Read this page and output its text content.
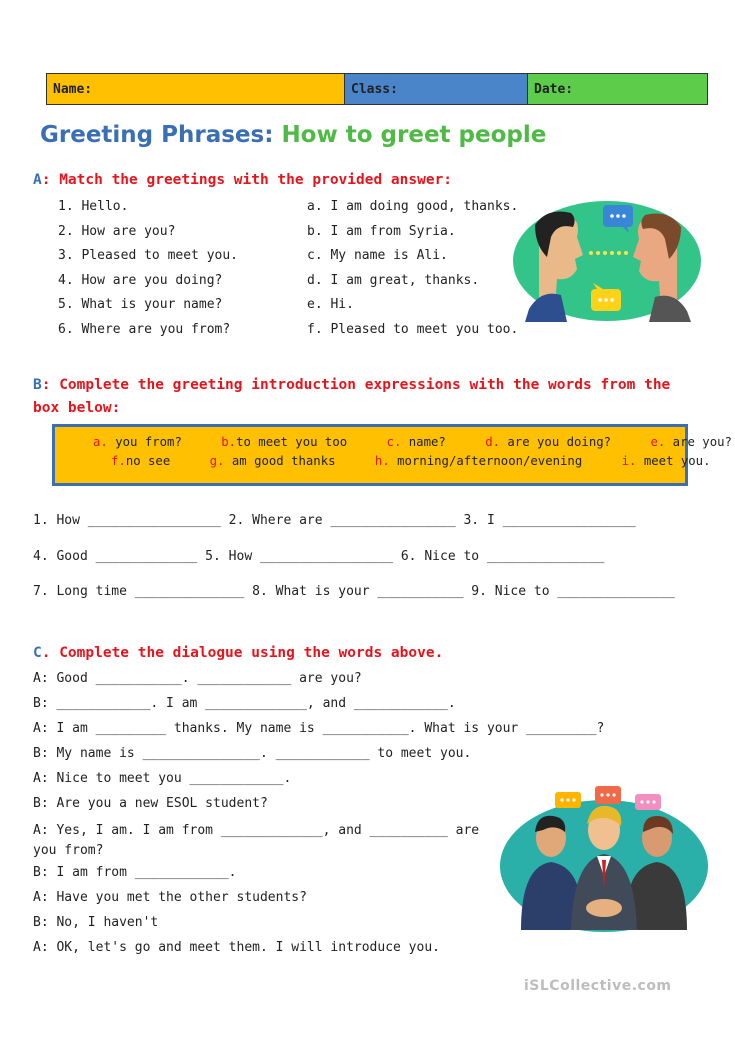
Name:	Class:	Date:
Greeting Phrases: How to greet people
A: Match the greetings with the provided answer:
1. Hello.
2. How are you?
3. Pleased to meet you.
4. How are you doing?
5. What is your name?
6. Where are you from?
a. I am doing good, thanks.
b. I am from Syria.
c. My name is Ali.
d. I am great, thanks.
e. Hi.
f. Pleased to meet you too.
B: Complete the greeting introduction expressions with the words from the box below:
a. you from?	b.to meet you too	c. name?	d. are you doing?	e. are you?
f.no see	g. am good thanks	h. morning/afternoon/evening	i. meet you.
1. How _________________ 2. Where are ________________ 3. I _________________
4. Good _____________ 5. How _________________ 6. Nice to _______________
7. Long time ______________ 8. What is your ___________ 9. Nice to _______________
C. Complete the dialogue using the words above.
A: Good ___________. ____________ are you?
B: ____________. I am _____________, and ____________.
A: I am _________ thanks. My name is ___________. What is your _________?
B: My name is _______________. ____________ to meet you.
A: Nice to meet you ____________.
B: Are you a new ESOL student?
A: Yes, I am. I am from _____________, and __________ are you from?
B: I am from ____________.
A: Have you met the other students?
B: No, I haven't
A: OK, let's go and meet them. I will introduce you.
iSLCollective.com
